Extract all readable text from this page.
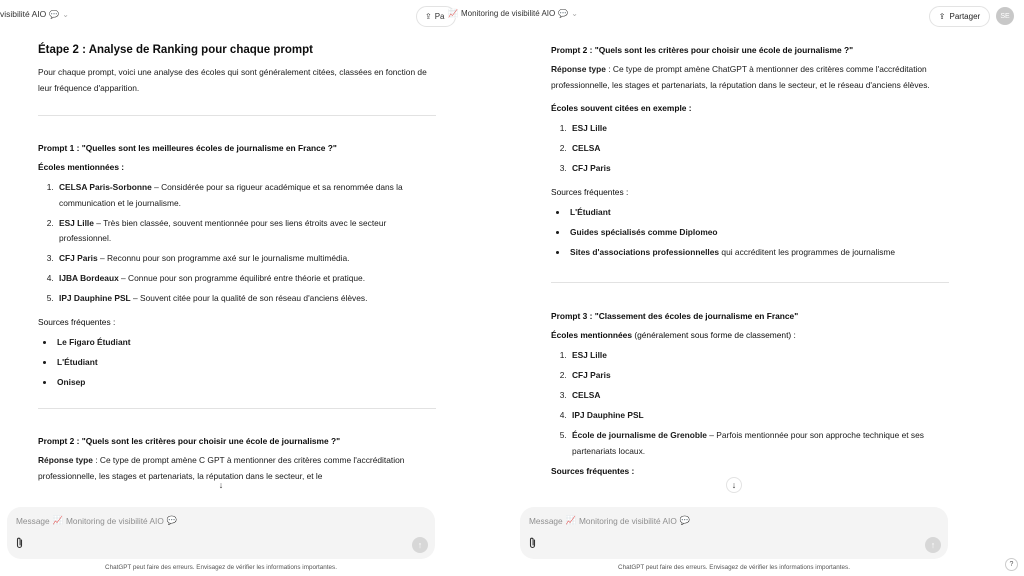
visibilité AIO 💬 ⌄	⇪ Pa 📈 Monitoring de visibilité AIO 💬 ⌄	⇪ Partager	SE
Étape 2 : Analyse de Ranking pour chaque prompt

Pour chaque prompt, voici une analyse des écoles qui sont généralement citées, classées en fonction de leur fréquence d'apparition.

Prompt 1 : "Quelles sont les meilleures écoles de journalisme en France ?"
Écoles mentionnées :
1. CELSA Paris-Sorbonne – Considérée pour sa rigueur académique et sa renommée dans la communication et le journalisme.
2. ESJ Lille – Très bien classée, souvent mentionnée pour ses liens étroits avec le secteur professionnel.
3. CFJ Paris – Reconnu pour son programme axé sur le journalisme multimédia.
4. IJBA Bordeaux – Connue pour son programme équilibré entre théorie et pratique.
5. IPJ Dauphine PSL – Souvent citée pour la qualité de son réseau d'anciens élèves.
Sources fréquentes :
• Le Figaro Étudiant
• L'Étudiant
• Onisep
Prompt 2 : "Quels sont les critères pour choisir une école de journalisme ?"

Réponse type : Ce type de prompt amène C GPT à mentionner des critères comme l'accréditation professionnelle, les stages et partenariats, la réputation dans le secteur, et le

↓
Prompt 2 : "Quels sont les critères pour choisir une école de journalisme ?"

Réponse type : Ce type de prompt amène ChatGPT à mentionner des critères comme l'accréditation professionnelle, les stages et partenariats, la réputation dans le secteur, et le réseau d'anciens élèves.

Écoles souvent citées en exemple :
1. ESJ Lille
2. CELSA
3. CFJ Paris
Sources fréquentes :
• L'Étudiant
• Guides spécialisés comme Diplomeo
• Sites d'associations professionnelles qui accréditent les programmes de journalisme
Prompt 3 : "Classement des écoles de journalisme en France"
Écoles mentionnées (généralement sous forme de classement) :
1. ESJ Lille
2. CFJ Paris
3. CELSA
4. IPJ Dauphine PSL
5. École de journalisme de Grenoble – Parfois mentionnée pour son approche technique et ses partenariats locaux.
Sources fréquentes :
↓
Message 📈 Monitoring de visibilité AIO 💬
↑
ChatGPT peut faire des erreurs. Envisagez de vérifier les informations importantes.
Message 📈 Monitoring de visibilité AIO 💬
↑
ChatGPT peut faire des erreurs. Envisagez de vérifier les informations importantes.	?
